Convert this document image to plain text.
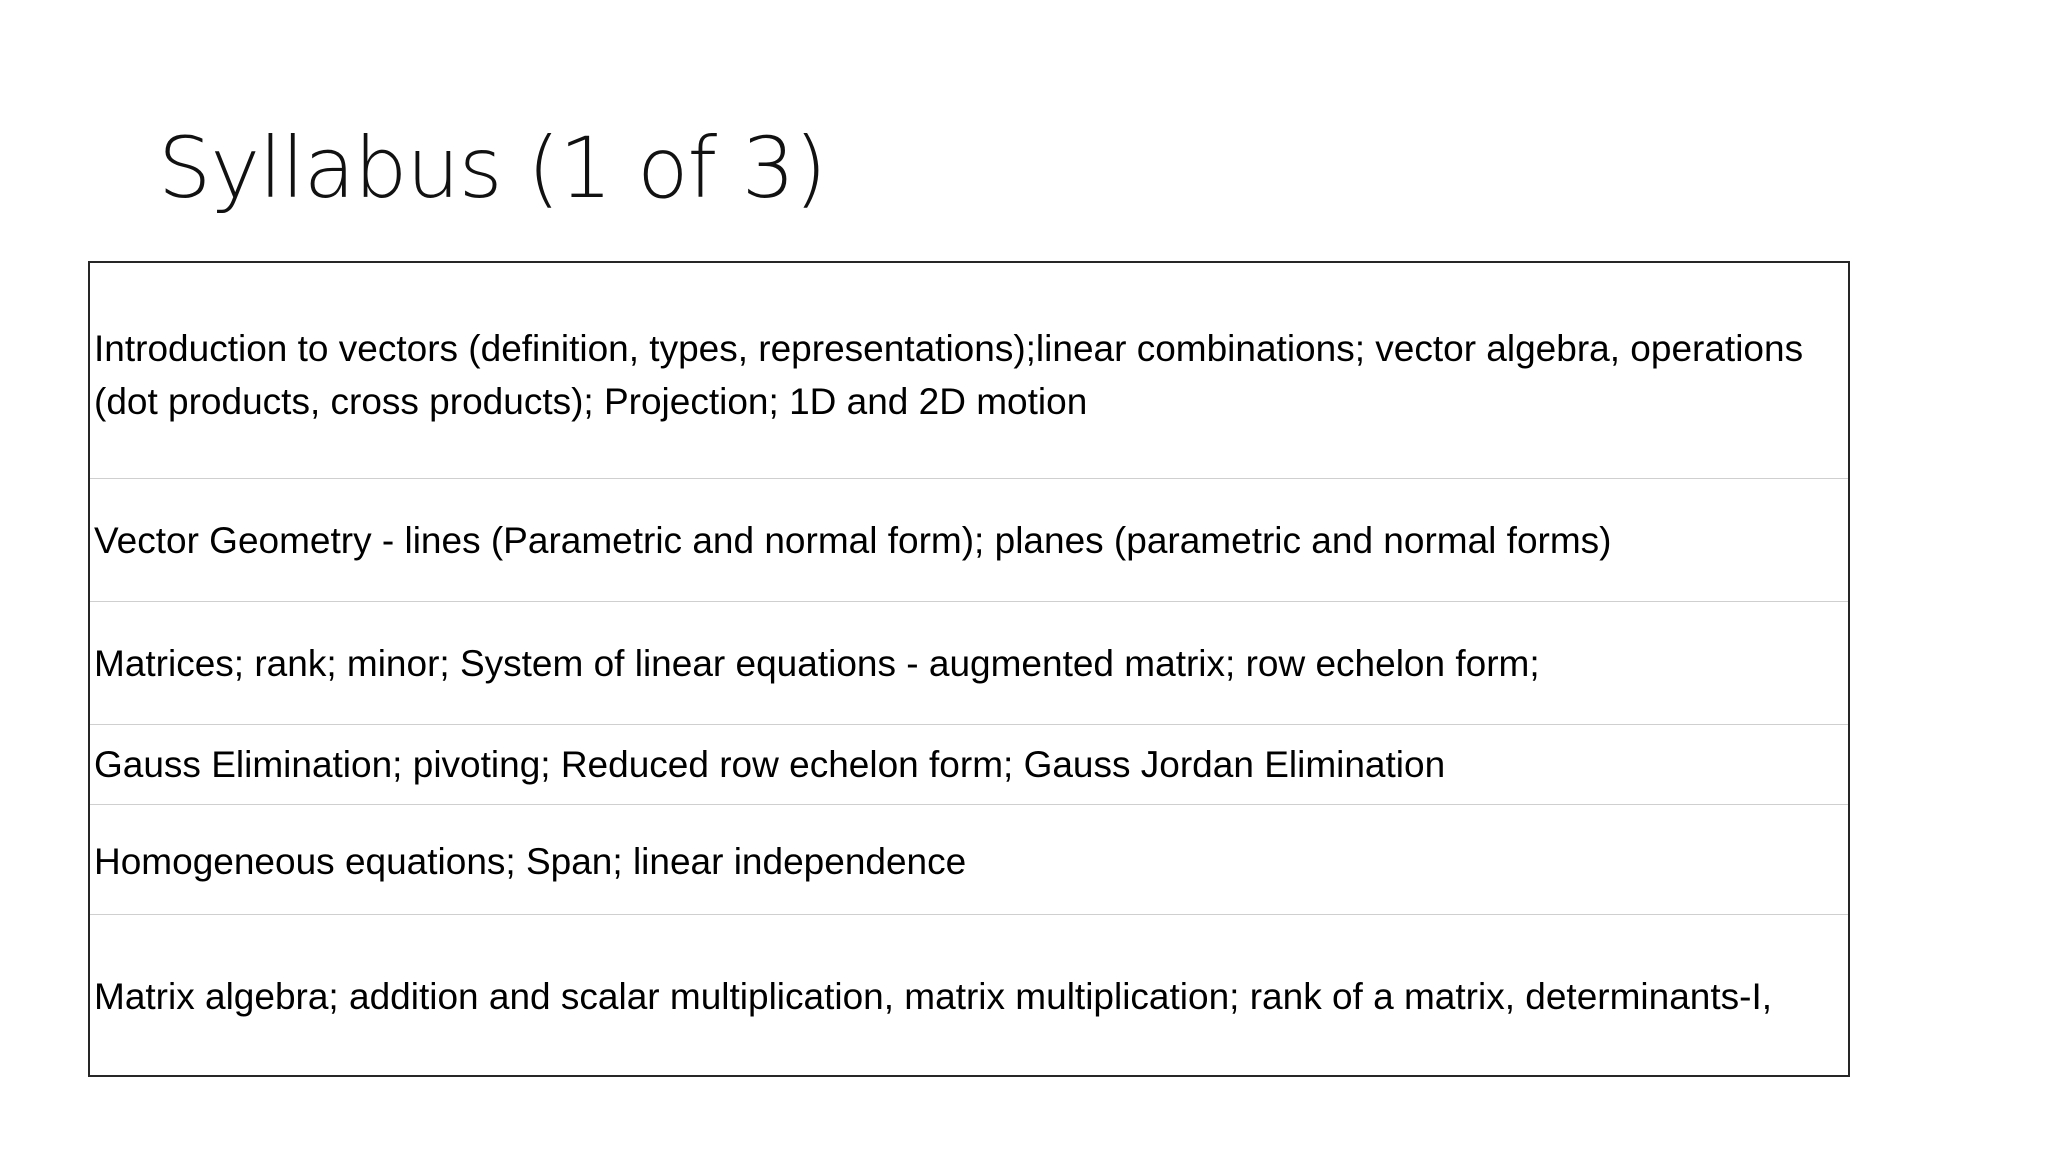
Syllabus (1 of 3)
Introduction to vectors (definition, types, representations);linear combinations; vector algebra, operations (dot products, cross products); Projection; 1D and 2D motion
Vector Geometry - lines (Parametric and normal form); planes (parametric and normal forms)
Matrices; rank; minor; System of linear equations - augmented matrix; row echelon form;
Gauss Elimination; pivoting; Reduced row echelon form; Gauss Jordan Elimination
Homogeneous equations; Span; linear independence
Matrix algebra; addition and scalar multiplication, matrix multiplication; rank of a matrix, determinants-I,
